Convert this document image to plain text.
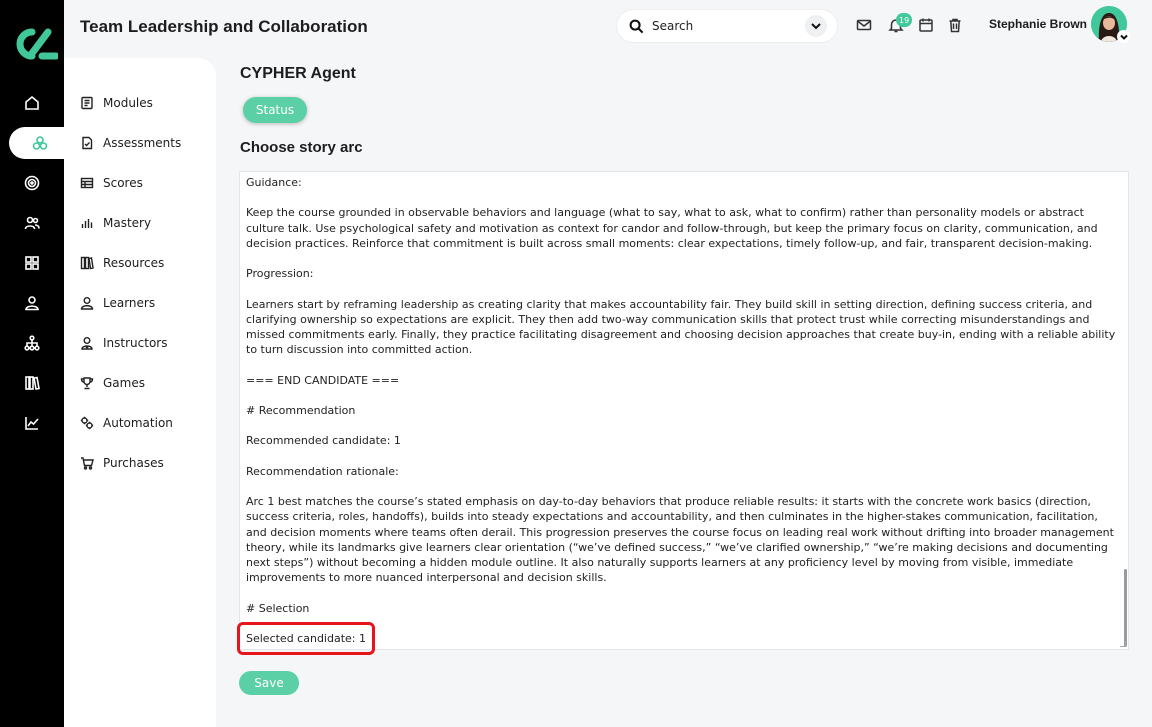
Team Leadership and Collaboration	Search	19	Stephanie Brown
Modules
Assessments
Scores
Mastery
Resources
Learners
Instructors
Games
Automation
Purchases
CYPHER Agent
Status
Choose story arc

Guidance:

Keep the course grounded in observable behaviors and language (what to say, what to ask, what to confirm) rather than personality models or abstract culture talk. Use psychological safety and motivation as context for candor and follow-through, but keep the primary focus on clarity, communication, and decision practices. Reinforce that commitment is built across small moments: clear expectations, timely follow-up, and fair, transparent decision-making.

Progression:

Learners start by reframing leadership as creating clarity that makes accountability fair. They build skill in setting direction, defining success criteria, and clarifying ownership so expectations are explicit. They then add two-way communication skills that protect trust while correcting misunderstandings and missed commitments early. Finally, they practice facilitating disagreement and choosing decision approaches that create buy-in, ending with a reliable ability to turn discussion into committed action.

=== END CANDIDATE ===

# Recommendation

Recommended candidate: 1

Recommendation rationale:

Arc 1 best matches the course’s stated emphasis on day-to-day behaviors that produce reliable results: it starts with the concrete work basics (direction, success criteria, roles, handoffs), builds into steady expectations and accountability, and then culminates in the higher-stakes communication, facilitation, and decision moments where teams often derail. This progression preserves the course focus on leading real work without drifting into broader management theory, while its landmarks give learners clear orientation (“we’ve defined success,” “we’ve clarified ownership,” “we’re making decisions and documenting next steps”) without becoming a hidden module outline. It also naturally supports learners at any proficiency level by moving from visible, immediate improvements to more nuanced interpersonal and decision skills.

# Selection

Selected candidate: 1

Save
